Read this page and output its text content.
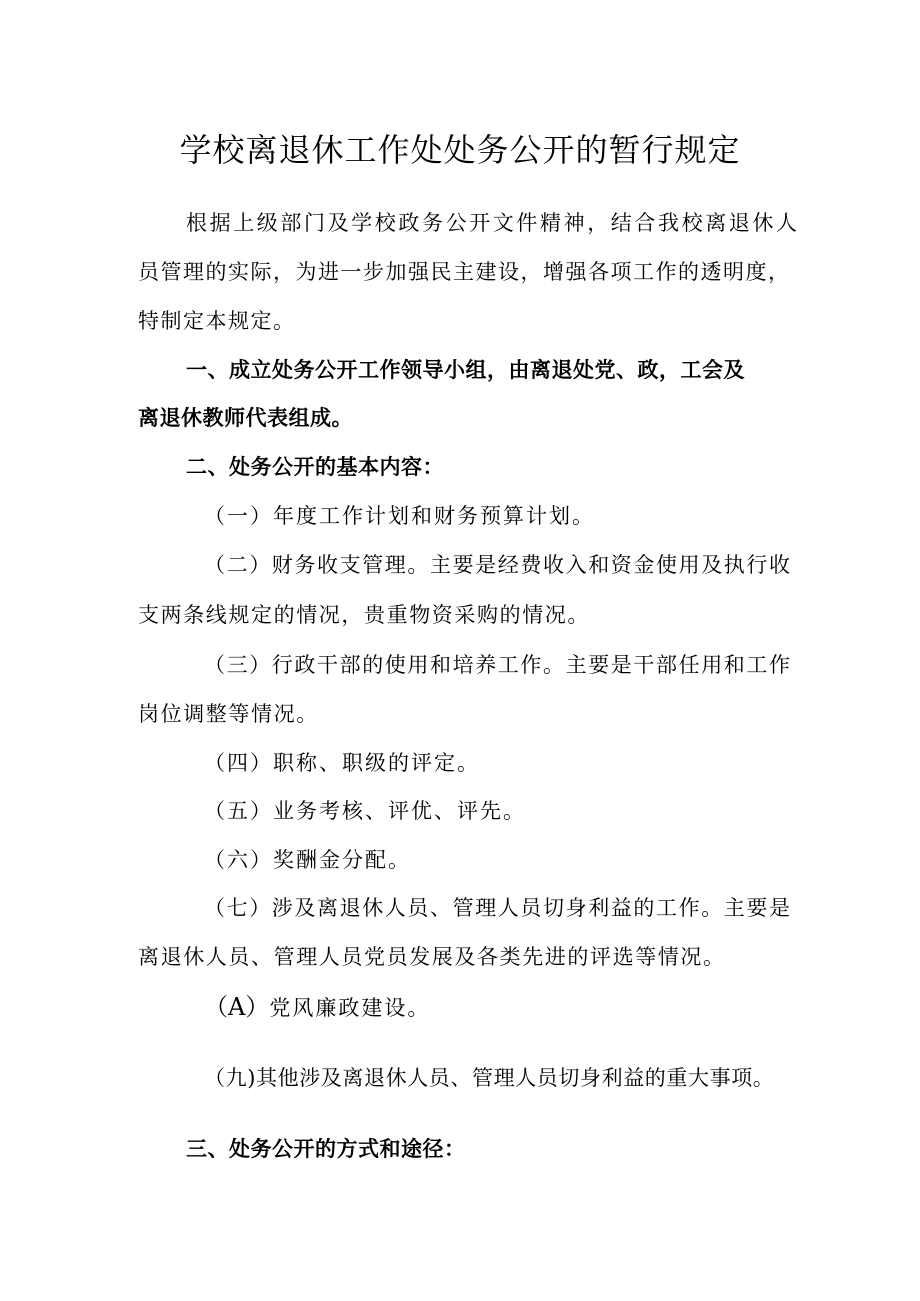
学校离退休工作处处务公开的暂行规定
根据上级部门及学校政务公开文件精神，结合我校离退休人
员管理的实际，为进一步加强民主建设，增强各项工作的透明度，
特制定本规定。
一、成立处务公开工作领导小组，由离退处党、政，工会及
离退休教师代表组成。
二、处务公开的基本内容：
（一）年度工作计划和财务预算计划。
（二）财务收支管理。主要是经费收入和资金使用及执行收
支两条线规定的情况，贵重物资采购的情况。
（三）行政干部的使用和培养工作。主要是干部任用和工作
岗位调整等情况。
（四）职称、职级的评定。
（五）业务考核、评优、评先。
（六）奖酬金分配。
（七）涉及离退休人员、管理人员切身利益的工作。主要是
离退休人员、管理人员党员发展及各类先进的评选等情况。
（A）党风廉政建设。
（九)其他涉及离退休人员、管理人员切身利益的重大事项。
三、处务公开的方式和途径：
